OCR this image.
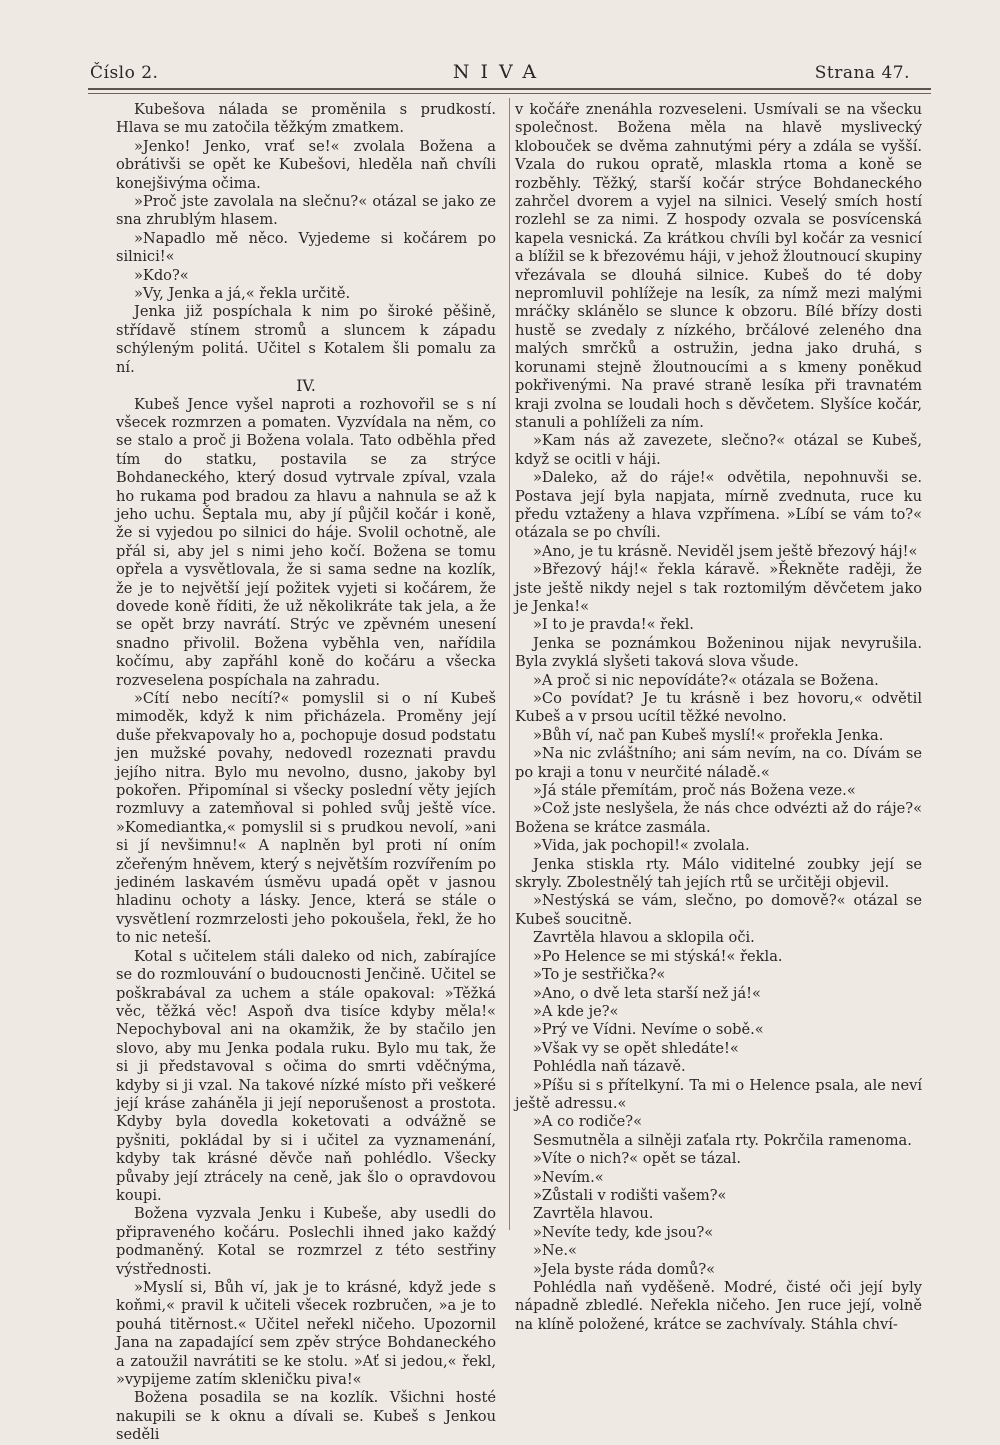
Číslo 2.	NIVA	Strana 47.

Kubešova nálada se proměnila s prudkostí. Hlava se mu zatočila těžkým zmatkem.

»Jenko! Jenko, vrať se!« zvolala Božena a obrátivši se opět ke Kubešovi, hleděla naň chvíli konejšivýma očima.

»Proč jste zavolala na slečnu?« otázal se jako ze sna zhrublým hlasem.

»Napadlo mě něco. Vyjedeme si kočárem po silnici!«

»Kdo?«

»Vy, Jenka a já,« řekla určitě.

Jenka již pospíchala k nim po široké pěšině, střídavě stínem stromů a sluncem k západu schýleným politá. Učitel s Kotalem šli pomalu za ní.

IV.

Kubeš Jence vyšel naproti a rozhovořil se s ní všecek rozmrzen a pomaten. Vyzvídala na něm, co se stalo a proč ji Božena volala. Tato odběhla před tím do statku, postavila se za strýce Bohdaneckého, který dosud vytrvale zpíval, vzala ho rukama pod bradou za hlavu a nahnula se až k jeho uchu. Šeptala mu, aby jí půjčil kočár i koně, že si vyjedou po silnici do háje. Svolil ochotně, ale přál si, aby jel s nimi jeho kočí. Božena se tomu opřela a vysvětlovala, že si sama sedne na kozlík, že je to největší její požitek vyjeti si kočárem, že dovede koně říditi, že už několikráte tak jela, a že se opět brzy navrátí. Strýc ve zpěvném unesení snadno přivolil. Božena vyběhla ven, nařídila kočímu, aby zapřáhl koně do kočáru a všecka rozveselena pospíchala na zahradu.

»Cítí nebo necítí?« pomyslil si o ní Kubeš mimoděk, když k nim přicházela. Proměny její duše překvapovaly ho a, pochopuje dosud podstatu jen mužské povahy, nedovedl rozeznati pravdu jejího nitra. Bylo mu nevolno, dusno, jakoby byl pokořen. Připomínal si všecky poslední věty jejích rozmluvy a zatemňoval si pohled svůj ještě více. »Komediantka,« pomyslil si s prudkou nevolí, »ani si jí nevšimnu!« A naplněn byl proti ní oním zčeřeným hněvem, který s největším rozvířením po jediném laskavém úsměvu upadá opět v jasnou hladinu ochoty a lásky. Jence, která se stále o vysvětlení rozmrzelosti jeho pokoušela, řekl, že ho to nic neteší.

Kotal s učitelem stáli daleko od nich, zabírajíce se do rozmlouvání o budoucnosti Jenčině. Učitel se poškrabával za uchem a stále opakoval: »Těžká věc, těžká věc! Aspoň dva tisíce kdyby měla!« Nepochyboval ani na okamžik, že by stačilo jen slovo, aby mu Jenka podala ruku. Bylo mu tak, že si ji představoval s očima do smrti vděčnýma, kdyby si ji vzal. Na takové nízké místo při veškeré její kráse zaháněla ji její neporušenost a prostota. Kdyby byla dovedla koketovati a odvážně se pyšniti, pokládal by si i učitel za vyznamenání, kdyby tak krásné děvče naň pohlédlo. Všecky půvaby její ztrácely na ceně, jak šlo o opravdovou koupi.

Božena vyzvala Jenku i Kubeše, aby usedli do připraveného kočáru. Poslechli ihned jako každý podmaněný. Kotal se rozmrzel z této sestřiny výstřednosti.

»Myslí si, Bůh ví, jak je to krásné, když jede s koňmi,« pravil k učiteli všecek rozbručen, »a je to pouhá titěrnost.« Učitel neřekl ničeho. Upozornil Jana na zapadající sem zpěv strýce Bohdaneckého a zatoužil navrátiti se ke stolu. »Ať si jedou,« řekl, »vypijeme zatím skleničku piva!«

Božena posadila se na kozlík. Všichni hosté nakupili se k oknu a dívali se. Kubeš s Jenkou seděli

v kočáře znenáhla rozveseleni. Usmívali se na všecku společnost. Božena měla na hlavě myslivecký klobouček se dvěma zahnutými péry a zdála se vyšší. Vzala do rukou opratě, mlaskla rtoma a koně se rozběhly. Těžký, starší kočár strýce Bohdaneckého zahrčel dvorem a vyjel na silnici. Veselý smích hostí rozlehl se za nimi. Z hospody ozvala se posvícenská kapela vesnická. Za krátkou chvíli byl kočár za vesnicí a blížil se k březovému háji, v jehož žloutnoucí skupiny vřezávala se dlouhá silnice. Kubeš do té doby nepromluvil pohlížeje na lesík, za nímž mezi malými mráčky sklánělo se slunce k obzoru. Bílé břízy dosti hustě se zvedaly z nízkého, brčálové zeleného dna malých smrčků a ostružin, jedna jako druhá, s korunami stejně žloutnoucími a s kmeny poněkud pokřivenými. Na pravé straně lesíka při travnatém kraji zvolna se loudali hoch s děvčetem. Slyšíce kočár, stanuli a pohlíželi za ním.

»Kam nás až zavezete, slečno?« otázal se Kubeš, když se ocitli v háji.

»Daleko, až do ráje!« odvětila, nepohnuvši se. Postava její byla napjata, mírně zvednuta, ruce ku předu vztaženy a hlava vzpřímena. »Líbí se vám to?« otázala se po chvíli.

»Ano, je tu krásně. Neviděl jsem ještě březový háj!«

»Březový háj!« řekla káravě. »Řekněte raději, že jste ještě nikdy nejel s tak roztomilým děvčetem jako je Jenka!«

»I to je pravda!« řekl.

Jenka se poznámkou Boženinou nijak nevyrušila. Byla zvyklá slyšeti taková slova všude.

»A proč si nic nepovídáte?« otázala se Božena.

»Co povídat? Je tu krásně i bez hovoru,« odvětil Kubeš a v prsou ucítil těžké nevolno.

»Bůh ví, nač pan Kubeš myslí!« prořekla Jenka.

»Na nic zvláštního; ani sám nevím, na co. Dívám se po kraji a tonu v neurčité náladě.«

»Já stále přemítám, proč nás Božena veze.«

»Což jste neslyšela, že nás chce odvézti až do ráje?« Božena se krátce zasmála.

»Vida, jak pochopil!« zvolala.

Jenka stiskla rty. Málo viditelné zoubky její se skryly. Zbolestnělý tah jejích rtů se určitěji objevil.

»Nestýská se vám, slečno, po domově?« otázal se Kubeš soucitně.

Zavrtěla hlavou a sklopila oči.

»Po Helence se mi stýská!« řekla.

»To je sestřička?«

»Ano, o dvě leta starší než já!«

»A kde je?«

»Prý ve Vídni. Nevíme o sobě.«

»Však vy se opět shledáte!«

Pohlédla naň tázavě.

»Píšu si s přítelkyní. Ta mi o Helence psala, ale neví ještě adressu.«

»A co rodiče?«

Sesmutněla a silněji zaťala rty. Pokrčila ramenoma.

»Víte o nich?« opět se tázal.

»Nevím.«

»Zůstali v rodišti vašem?«

Zavrtěla hlavou.

»Nevíte tedy, kde jsou?«

»Ne.«

»Jela byste ráda domů?«

Pohlédla naň vyděšeně. Modré, čisté oči její byly nápadně zbledlé. Neřekla ničeho. Jen ruce její, volně na klíně položené, krátce se zachvívaly. Stáhla chví-
